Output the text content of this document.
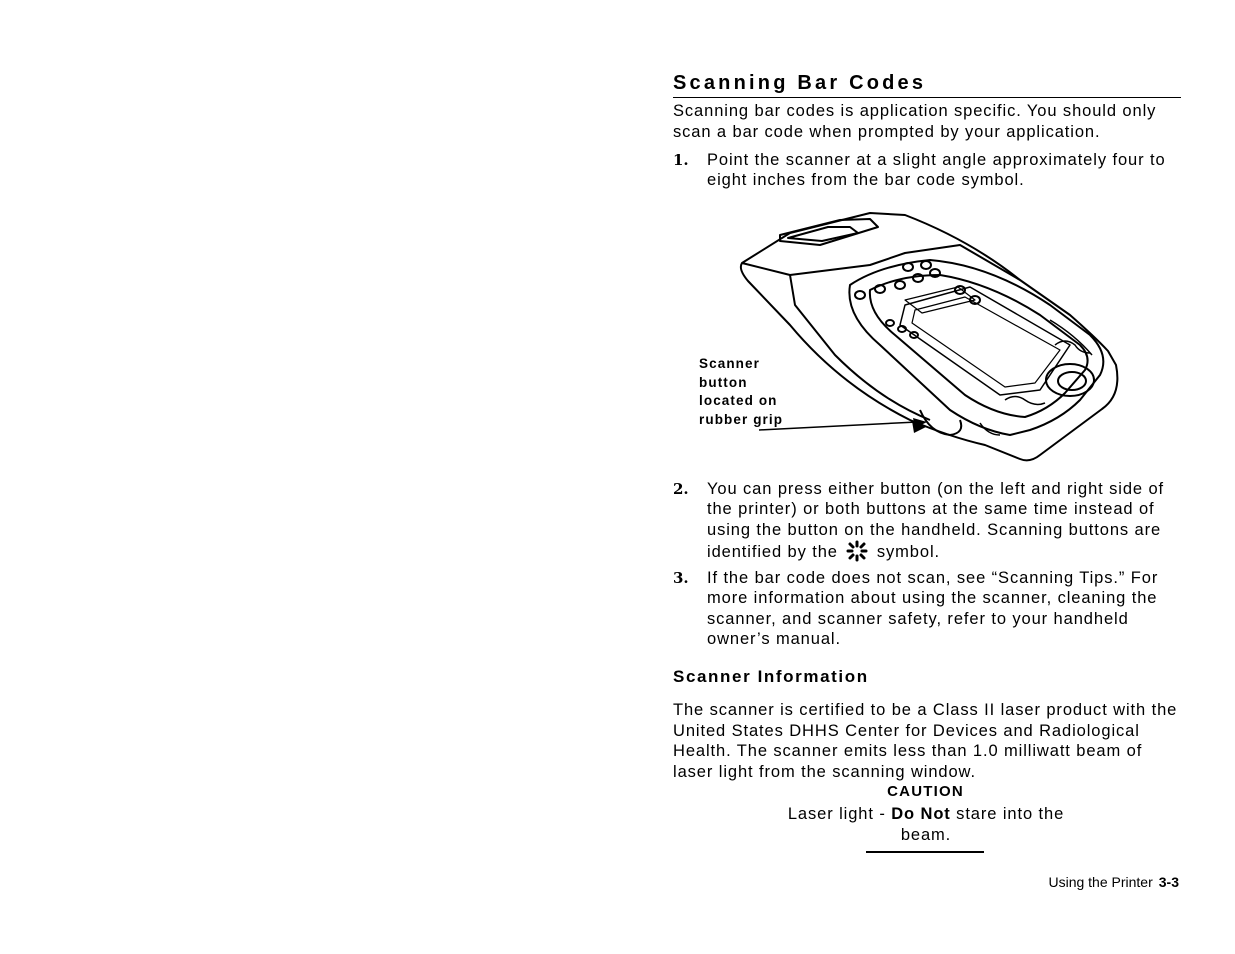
Scanning Bar Codes

Scanning bar codes is application specific. You should only scan a bar code when prompted by your application.

1. Point the scanner at a slight angle approximately four to eight inches from the bar code symbol.
Scanner button located on rubber grip
2. You can press either button (on the left and right side of the printer) or both buttons at the same time instead of using the button on the handheld. Scanning buttons are identified by the symbol.
3. If the bar code does not scan, see “Scanning Tips.” For more information about using the scanner, cleaning the scanner, and scanner safety, refer to your handheld owner’s manual.
Scanner Information

The scanner is certified to be a Class II laser product with the United States DHHS Center for Devices and Radiological Health. The scanner emits less than 1.0 milliwatt beam of laser light from the scanning window.

CAUTION
Laser light - Do Not stare into the beam.
Using the Printer 3-3
